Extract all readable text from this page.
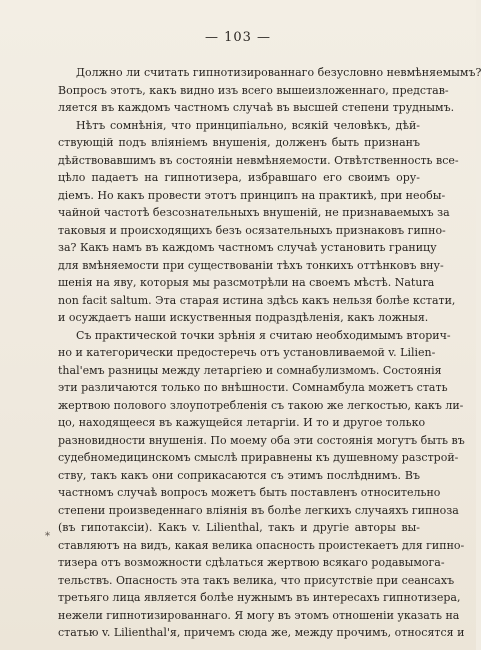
— 103 —
Должно ли считать гипнотизированнаго безусловно невмѣняемымъ?
Вопросъ этотъ, какъ видно изъ всего вышеизложеннаго, представ-
ляется въ каждомъ частномъ случаѣ въ высшей степени труднымъ.
Нѣтъ сомнѣнія, что принципіально, всякій человѣкъ, дѣй-
ствующій подъ вліяніемъ внушенія, долженъ быть признанъ
дѣйствовавшимъ въ состояніи невмѣняемости. Отвѣтственность все-
цѣло падаетъ на гипнотизера, избравшаго его своимъ ору-
діемъ. Но какъ провести этотъ принципъ на практикѣ, при необы-
чайной частотѣ безсознательныхъ внушеній, не признаваемыхъ за
таковыя и происходящихъ безъ осязательныхъ признаковъ гипно-
за? Какъ намъ въ каждомъ частномъ случаѣ установить границу
для вмѣняемости при существованіи тѣхъ тонкихъ оттѣнковъ вну-
шенія на яву, которыя мы разсмотрѣли на своемъ мѣстѣ. Natura
non facit saltum. Эта старая истина здѣсь какъ нельзя болѣе кстати,
и осуждаетъ наши искуственныя подраздѣленія, какъ ложныя.
Съ практической точки зрѣнія я считаю необходимымъ вторич-
но и категорически предостеречь отъ установливаемой v. Lilien-
thal'емъ разницы между летаргіею и сомнабулизмомъ. Состоянія
эти различаются только по внѣшности. Сомнамбула можетъ стать
жертвою полового злоупотребленія съ такою же легкостью, какъ ли-
цо, находящееся въ кажущейся летаргіи. И то и другое только
разновидности внушенія. По моему оба эти состоянія могутъ быть въ
судебномедицинскомъ смыслѣ приравнены къ душевному разстрой-
ству, такъ какъ они соприкасаются съ этимъ послѣднимъ. Въ
частномъ случаѣ вопросъ можетъ быть поставленъ относительно
степени произведеннаго вліянія въ болѣе легкихъ случаяхъ гипноза
(въ гипотаксіи). Какъ v. Lilienthal, такъ и другіе авторы вы-
ставляютъ на видъ, какая велика опасность проистекаетъ для гипно-
тизера отъ возможности сдѣлаться жертвою всякаго родавымога-
тельствъ. Опасность эта такъ велика, что присутствіе при сеансахъ
третьяго лица является болѣе нужнымъ въ интересахъ гипнотизера,
нежели гипнотизированнаго. Я могу въ этомъ отношеніи указать на
статью v. Lilienthal'я, причемъ сюда же, между прочимъ, относятся и
*
